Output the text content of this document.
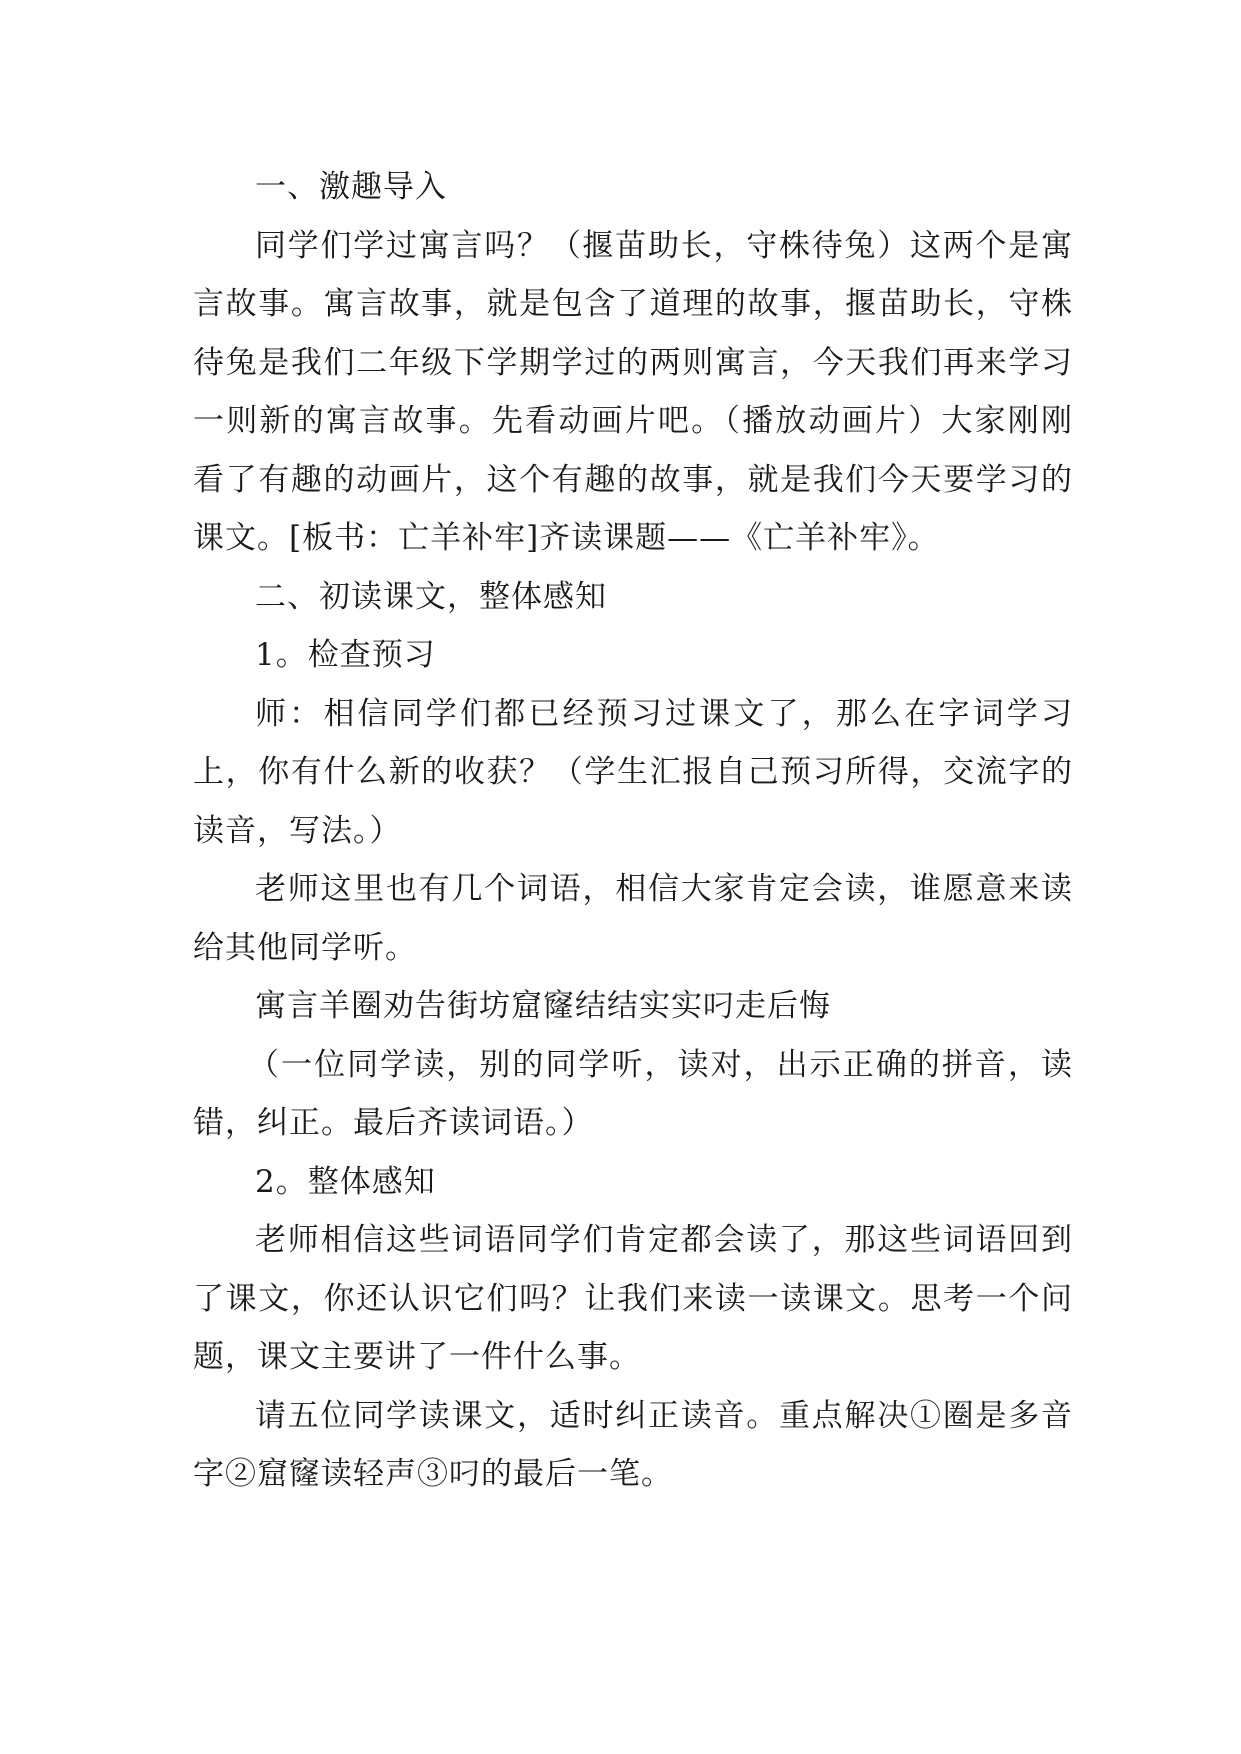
一、激趣导入

同学们学过寓言吗？（揠苗助长，守株待兔）这两个是寓言故事。寓言故事，就是包含了道理的故事，揠苗助长，守株待兔是我们二年级下学期学过的两则寓言，今天我们再来学习一则新的寓言故事。先看动画片吧。（播放动画片）大家刚刚看了有趣的动画片，这个有趣的故事，就是我们今天要学习的课文。[板书：亡羊补牢]齐读课题——《亡羊补牢》。

二、初读课文，整体感知

1。检查预习

师：相信同学们都已经预习过课文了，那么在字词学习上，你有什么新的收获？（学生汇报自己预习所得，交流字的读音，写法。）

老师这里也有几个词语，相信大家肯定会读，谁愿意来读给其他同学听。

寓言羊圈劝告街坊窟窿结结实实叼走后悔

（一位同学读，别的同学听，读对，出示正确的拼音，读错，纠正。最后齐读词语。）

2。整体感知

老师相信这些词语同学们肯定都会读了，那这些词语回到了课文，你还认识它们吗？让我们来读一读课文。思考一个问题，课文主要讲了一件什么事。

请五位同学读课文，适时纠正读音。重点解决①圈是多音字②窟窿读轻声③叼的最后一笔。
